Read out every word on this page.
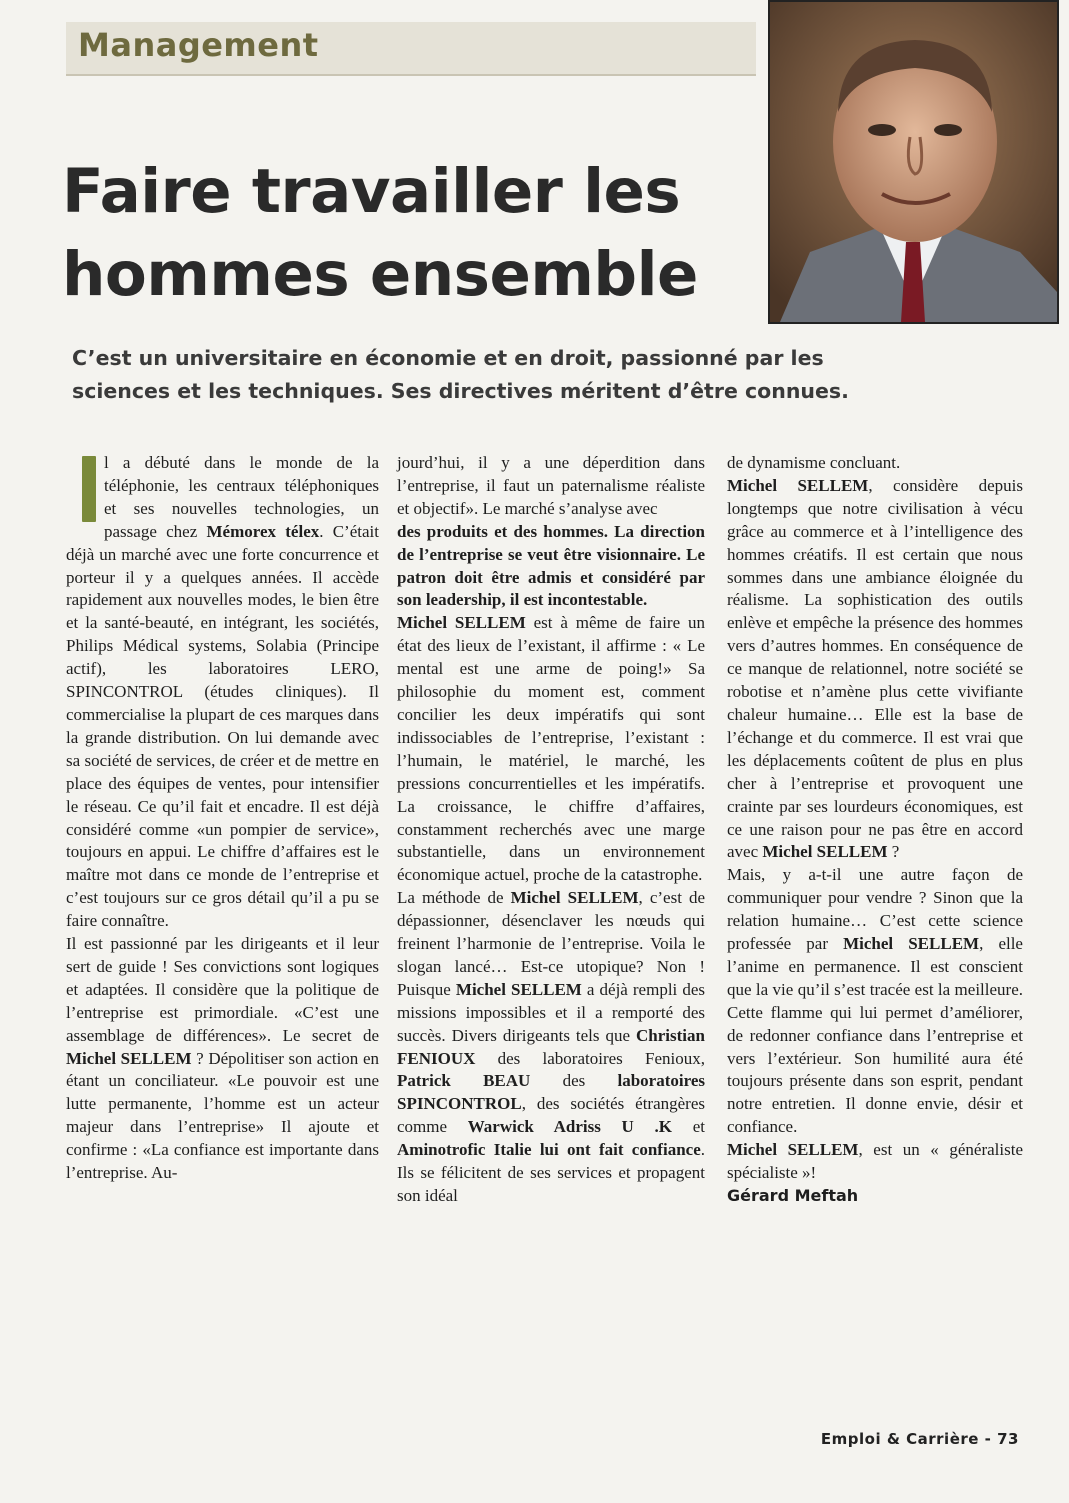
Management
Faire travailler les
hommes ensemble

C’est un universitaire en économie et en droit, passionné par les sciences et les techniques. Ses directives méritent d’être connues.

l a débuté dans le monde de la téléphonie, les centraux téléphoniques et ses nouvelles technologies, un passage chez Mémorex télex. C’était déjà un marché avec une forte concurrence et porteur il y a quelques années. Il accède rapidement aux nouvelles modes, le bien être et la santé-beauté, en intégrant, les sociétés, Philips Médical systems, Solabia (Principe actif), les laboratoires LERO, SPINCONTROL (études cliniques). Il commercialise la plupart de ces marques dans la grande distribution. On lui demande avec sa société de services, de créer et de mettre en place des équipes de ventes, pour intensifier le réseau. Ce qu’il fait et encadre. Il est déjà considéré comme «un pompier de service», toujours en appui. Le chiffre d’affaires est le maître mot dans ce monde de l’entreprise et c’est toujours sur ce gros détail qu’il a pu se faire connaître.

Il est passionné par les dirigeants et il leur sert de guide ! Ses convictions sont logiques et adaptées. Il considère que la politique de l’entreprise est primordiale. «C’est une assemblage de différences». Le secret de Michel SELLEM ? Dépolitiser son action en étant un conciliateur. «Le pouvoir est une lutte permanente, l’homme est un acteur majeur dans l’entreprise» Il ajoute et confirme : «La confiance est importante dans l’entreprise. Au-

jourd’hui, il y a une déperdition dans l’entreprise, il faut un paternalisme réaliste et objectif». Le marché s’analyse avec
des produits et des hommes. La direction de l’entreprise se veut être visionnaire. Le patron doit être admis et considéré par son leadership, il est incontestable.
Michel SELLEM est à même de faire un état des lieux de l’existant, il affirme : « Le mental est une arme de poing!» Sa philosophie du moment est, comment concilier les deux impératifs qui sont indissociables de l’entreprise, l’existant : l’humain, le matériel, le marché, les pressions concurrentielles et les impératifs. La croissance, le chiffre d’affaires, constamment recherchés avec une marge substantielle, dans un environnement économique actuel, proche de la catastrophe.

La méthode de Michel SELLEM, c’est de dépassionner, désenclaver les nœuds qui freinent l’harmonie de l’entreprise. Voila le slogan lancé… Est-ce utopique? Non ! Puisque Michel SELLEM a déjà rempli des missions impossibles et il a remporté des succès. Divers dirigeants tels que Christian FENIOUX des laboratoires Fenioux, Patrick BEAU des laboratoires SPINCONTROL, des sociétés étrangères comme Warwick Adriss U .K et Aminotrofic Italie lui ont fait confiance. Ils se félicitent de ses services et propagent son idéal

de dynamisme concluant.

Michel SELLEM, considère depuis longtemps que notre civilisation à vécu grâce au commerce et à l’intelligence des hommes créatifs. Il est certain que nous sommes dans une ambiance éloignée du réalisme. La sophistication des outils enlève et empêche la présence des hommes vers d’autres hommes. En conséquence de ce manque de relationnel, notre société se robotise et n’amène plus cette vivifiante chaleur humaine… Elle est la base de l’échange et du commerce. Il est vrai que les déplacements coûtent de plus en plus cher à l’entreprise et provoquent une crainte par ses lourdeurs économiques, est ce une raison pour ne pas être en accord avec Michel SELLEM ?

Mais, y a-t-il une autre façon de communiquer pour vendre ? Sinon que la relation humaine… C’est cette science professée par Michel SELLEM, elle l’anime en permanence. Il est conscient que la vie qu’il s’est tracée est la meilleure. Cette flamme qui lui permet d’améliorer, de redonner confiance dans l’entreprise et vers l’extérieur. Son humilité aura été toujours présente dans son esprit, pendant notre entretien. Il donne envie, désir et confiance.

Michel SELLEM, est un « généraliste spécialiste »!

Gérard Meftah

Emploi & Carrière - 73
